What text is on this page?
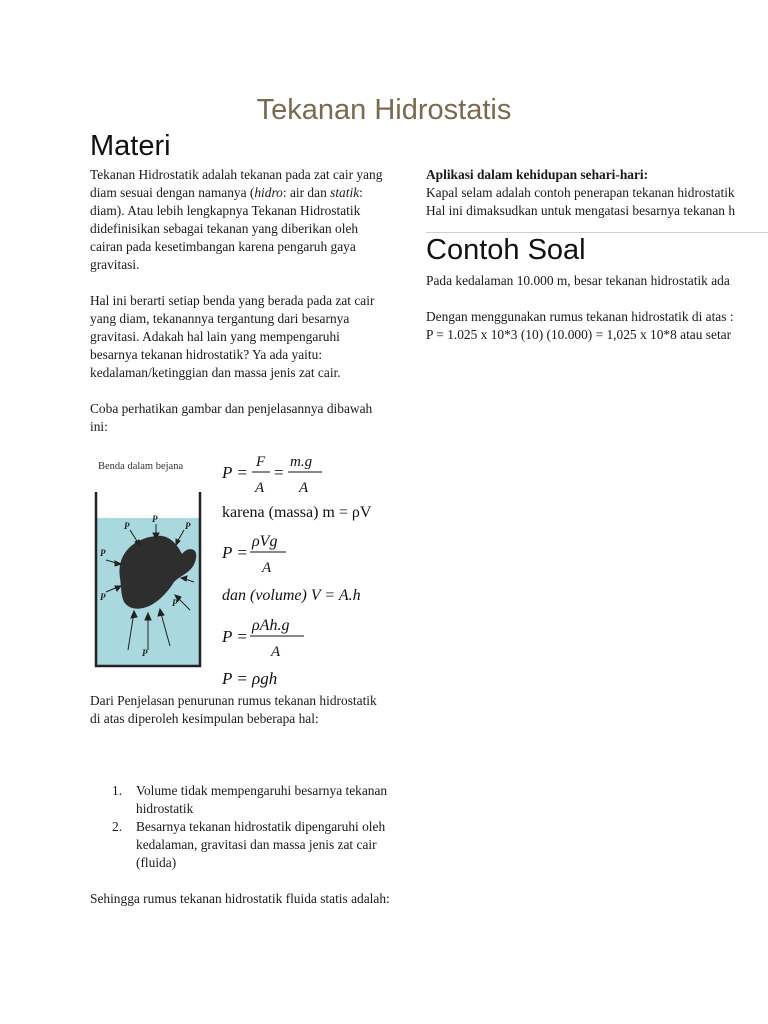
Tekanan Hidrostatis
Materi

Tekanan Hidrostatik adalah tekanan pada zat cair yang diam sesuai dengan namanya (hidro: air dan statik: diam). Atau lebih lengkapnya Tekanan Hidrostatik didefinisikan sebagai tekanan yang diberikan oleh cairan pada kesetimbangan karena pengaruh gaya gravitasi.

Hal ini berarti setiap benda yang berada pada zat cair yang diam, tekanannya tergantung dari besarnya gravitasi. Adakah hal lain yang mempengaruhi besarnya tekanan hidrostatik? Ya ada yaitu: kedalaman/ketinggian dan massa jenis zat cair.

Coba perhatikan gambar dan penjelasannya dibawah ini:

Benda dalam bejana
P
P
P
P
P
P
P
P =
F
A
=
m.g
A
karena (massa) m = ρV
P =
ρVg
A
dan (volume) V = A.h
P =
ρAh.g
A
P = ρgh

Dari Penjelasan penurunan rumus tekanan hidrostatik di atas diperoleh kesimpulan beberapa hal:

1. Volume tidak mempengaruhi besarnya tekanan hidrostatik
2. Besarnya tekanan hidrostatik dipengaruhi oleh kedalaman, gravitasi dan massa jenis zat cair (fluida)

Sehingga rumus tekanan hidrostatik fluida statis adalah:

Aplikasi dalam kehidupan sehari-hari:
Kapal selam adalah contoh penerapan tekanan hidrostatik
Hal ini dimaksudkan untuk mengatasi besarnya tekanan h
Contoh Soal

Pada kedalaman 10.000 m, besar tekanan hidrostatik ada

Dengan menggunakan rumus tekanan hidrostatik di atas :

P = 1.025 x 10*3 (10) (10.000) = 1,025 x 10*8 atau setar
